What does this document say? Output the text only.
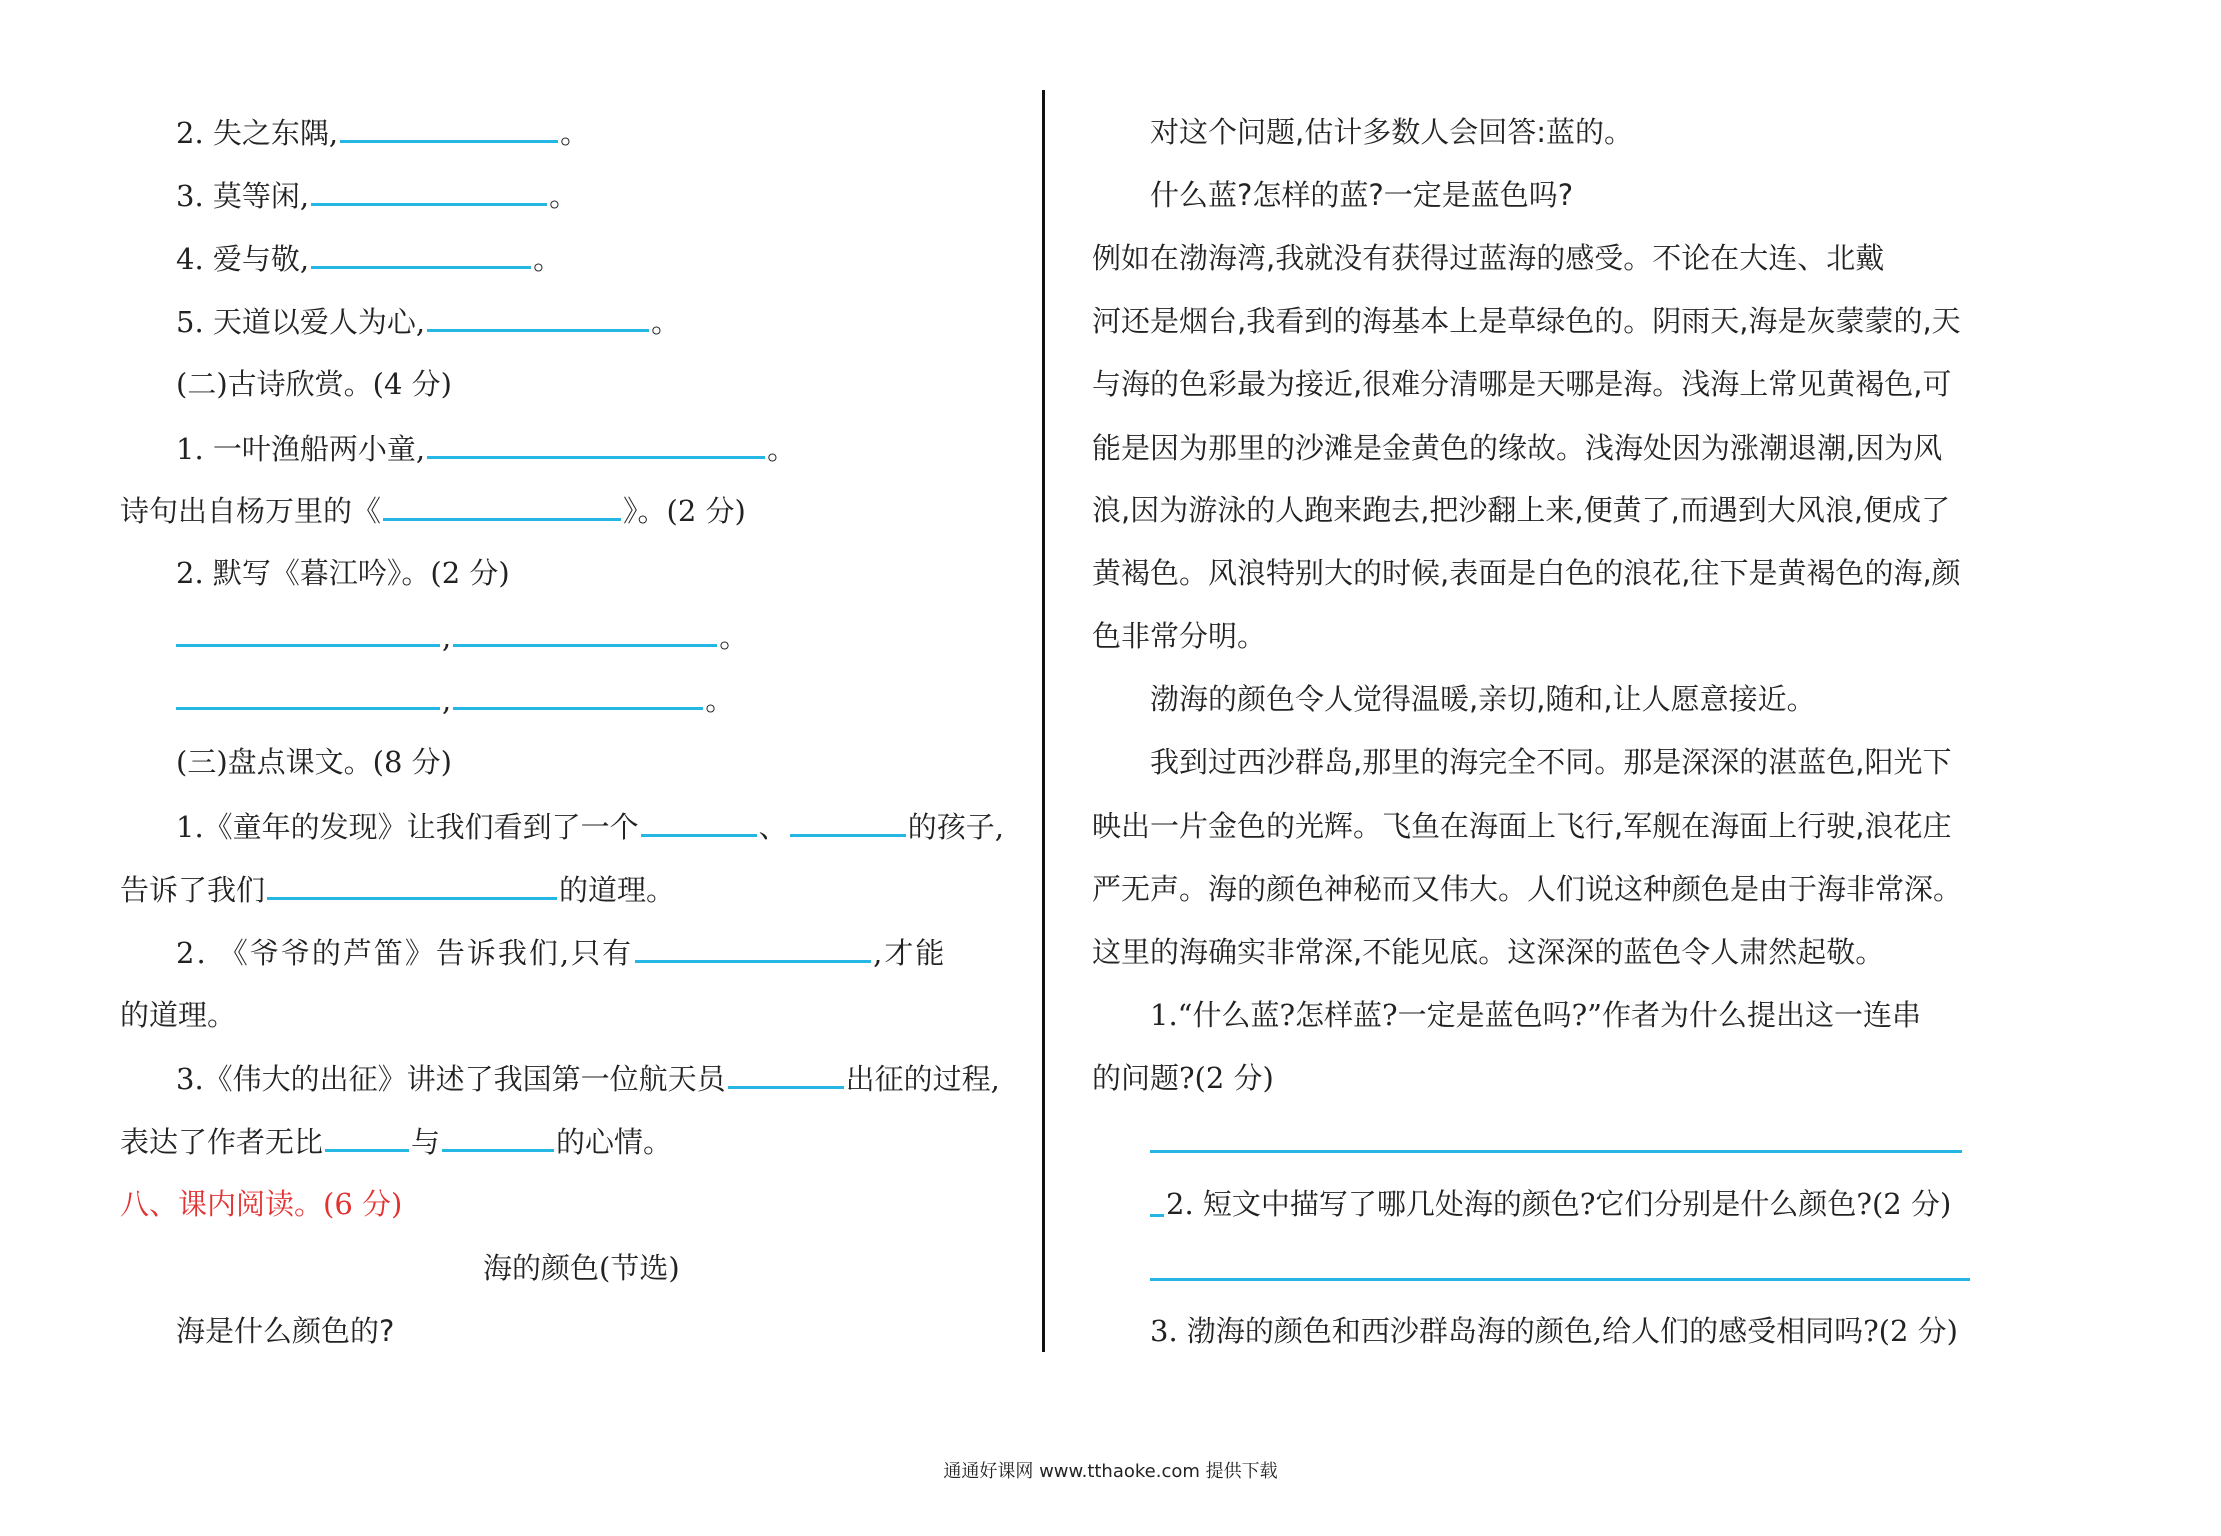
2. 失之东隅,	。
3. 莫等闲,	。
4. 爱与敬,	。
5. 天道以爱人为心,	。
(二)古诗欣赏。(4 分)
1. 一叶渔船两小童,	。
诗句出自杨万里的《	》。(2 分)
2. 默写《暮江吟》。(2 分)
,	。
,	。
(三)盘点课文。(8 分)
1.《童年的发现》让我们看到了一个	、	的孩子,
告诉了我们	的道理。
2. 《爷爷的芦笛》告诉我们,只有	,才能
的道理。
3.《伟大的出征》讲述了我国第一位航天员	出征的过程,
表达了作者无比	与	的心情。
八、课内阅读。(6 分)
海的颜色(节选)
海是什么颜色的?
对这个问题,估计多数人会回答:蓝的。
什么蓝?怎样的蓝?一定是蓝色吗?
例如在渤海湾,我就没有获得过蓝海的感受。不论在大连、北戴
河还是烟台,我看到的海基本上是草绿色的。阴雨天,海是灰蒙蒙的,天
与海的色彩最为接近,很难分清哪是天哪是海。浅海上常见黄褐色,可
能是因为那里的沙滩是金黄色的缘故。浅海处因为涨潮退潮,因为风
浪,因为游泳的人跑来跑去,把沙翻上来,便黄了,而遇到大风浪,便成了
黄褐色。风浪特别大的时候,表面是白色的浪花,往下是黄褐色的海,颜
色非常分明。
渤海的颜色令人觉得温暖,亲切,随和,让人愿意接近。
我到过西沙群岛,那里的海完全不同。那是深深的湛蓝色,阳光下
映出一片金色的光辉。飞鱼在海面上飞行,军舰在海面上行驶,浪花庄
严无声。海的颜色神秘而又伟大。人们说这种颜色是由于海非常深。
这里的海确实非常深,不能见底。这深深的蓝色令人肃然起敬。
1.“什么蓝?怎样蓝?一定是蓝色吗?”作者为什么提出这一连串
的问题?(2 分)
2. 短文中描写了哪几处海的颜色?它们分别是什么颜色?(2 分)
3. 渤海的颜色和西沙群岛海的颜色,给人们的感受相同吗?(2 分)
通通好课网 www.tthaoke.com 提供下载
